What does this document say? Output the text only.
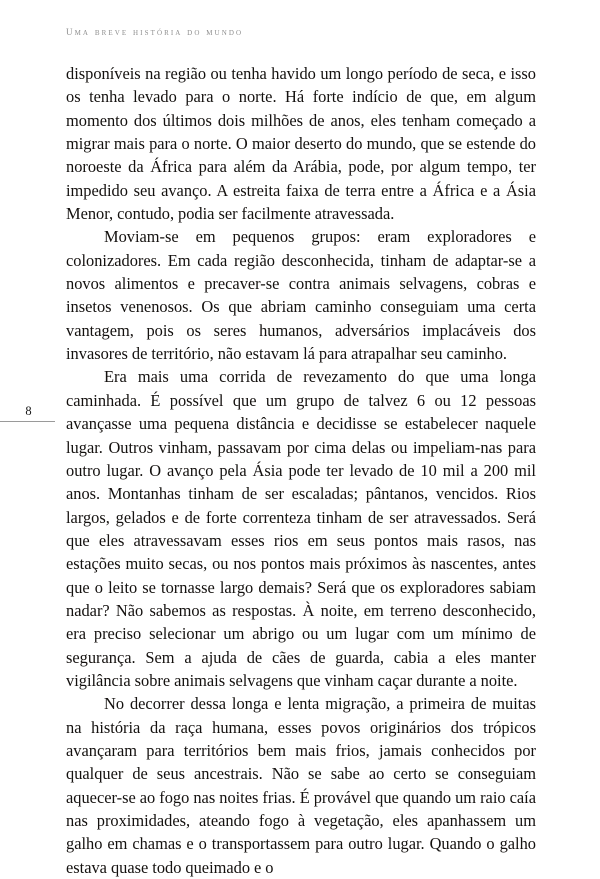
uma breve história do mundo
8

disponíveis na região ou tenha havido um longo período de seca, e isso os tenha levado para o norte. Há forte indício de que, em algum momento dos últimos dois milhões de anos, eles tenham começado a migrar mais para o norte. O maior deserto do mundo, que se estende do noroeste da África para além da Arábia, pode, por algum tempo, ter impedido seu avanço. A estreita faixa de terra entre a África e a Ásia Menor, contudo, podia ser facilmente atravessada.

Moviam-se em pequenos grupos: eram exploradores e colonizadores. Em cada região desconhecida, tinham de adaptar-se a novos alimentos e precaver-se contra animais selvagens, cobras e insetos venenosos. Os que abriam caminho conseguiam uma certa vantagem, pois os seres humanos, adversários implacáveis dos invasores de território, não estavam lá para atrapalhar seu caminho.

Era mais uma corrida de revezamento do que uma longa caminhada. É possível que um grupo de talvez 6 ou 12 pessoas avançasse uma pequena distância e decidisse se estabelecer naquele lugar. Outros vinham, passavam por cima delas ou impeliam-nas para outro lugar. O avanço pela Ásia pode ter levado de 10 mil a 200 mil anos. Montanhas tinham de ser escaladas; pântanos, vencidos. Rios largos, gelados e de forte correnteza tinham de ser atravessados. Será que eles atravessavam esses rios em seus pontos mais rasos, nas estações muito secas, ou nos pontos mais próximos às nascentes, antes que o leito se tornasse largo demais? Será que os exploradores sabiam nadar? Não sabemos as respostas. À noite, em terreno desconhecido, era preciso selecionar um abrigo ou um lugar com um mínimo de segurança. Sem a ajuda de cães de guarda, cabia a eles manter vigilância sobre animais selvagens que vinham caçar durante a noite.

No decorrer dessa longa e lenta migração, a primeira de muitas na história da raça humana, esses povos originários dos trópicos avançaram para territórios bem mais frios, jamais conhecidos por qualquer de seus ancestrais. Não se sabe ao certo se conseguiam aquecer-se ao fogo nas noites frias. É provável que quando um raio caía nas proximidades, ateando fogo à vegetação, eles apanhassem um galho em chamas e o transportassem para outro lugar. Quando o galho estava quase todo queimado e o
